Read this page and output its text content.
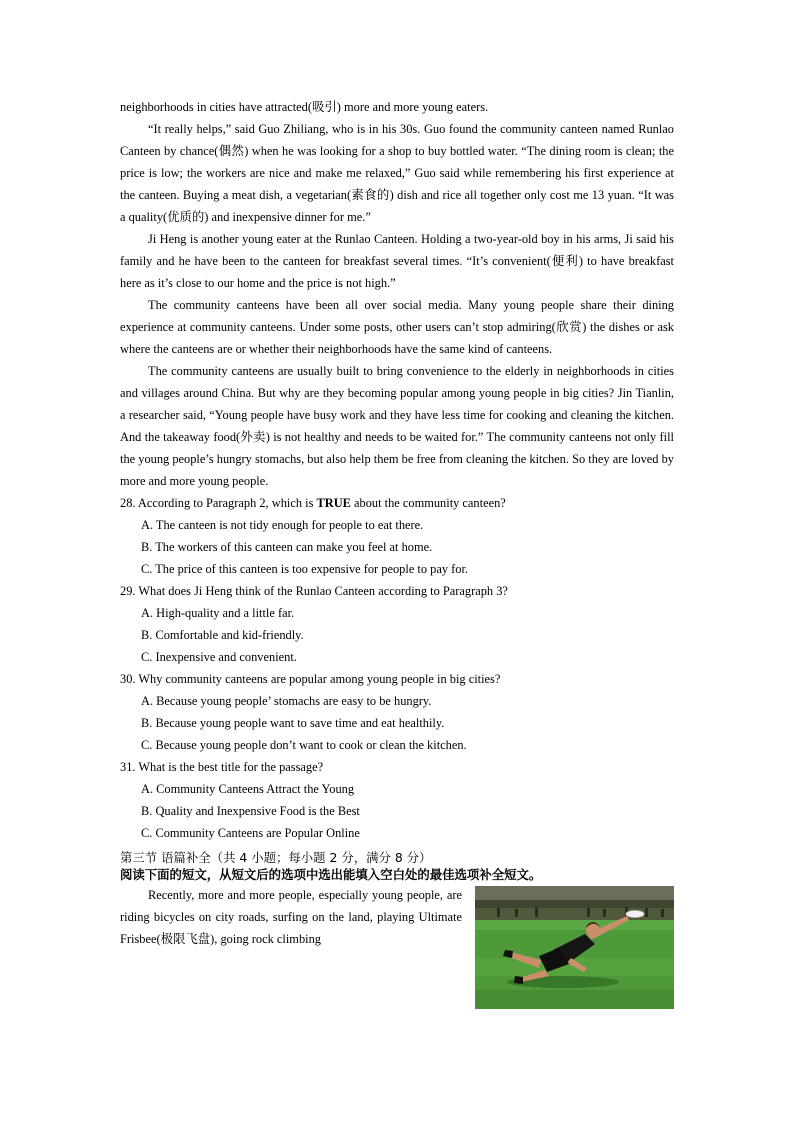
neighborhoods in cities have attracted(吸引) more and more young eaters.

“It really helps,” said Guo Zhiliang, who is in his 30s. Guo found the community canteen named Runlao Canteen by chance(偶然) when he was looking for a shop to buy bottled water. “The dining room is clean; the price is low; the workers are nice and make me relaxed,” Guo said while remembering his first experience at the canteen. Buying a meat dish, a vegetarian(素食的) dish and rice all together only cost me 13 yuan. “It was a quality(优质的) and inexpensive dinner for me.”

Ji Heng is another young eater at the Runlao Canteen. Holding a two-year-old boy in his arms, Ji said his family and he have been to the canteen for breakfast several times. “It’s convenient(便利) to have breakfast here as it’s close to our home and the price is not high.”

The community canteens have been all over social media. Many young people share their dining experience at community canteens. Under some posts, other users can’t stop admiring(欣赏) the dishes or ask where the canteens are or whether their neighborhoods have the same kind of canteens.

The community canteens are usually built to bring convenience to the elderly in neighborhoods in cities and villages around China. But why are they becoming popular among young people in big cities? Jin Tianlin, a researcher said, “Young people have busy work and they have less time for cooking and cleaning the kitchen. And the takeaway food(外卖) is not healthy and needs to be waited for.” The community canteens not only fill the young people’s hungry stomachs, but also help them be free from cleaning the kitchen. So they are loved by more and more young people.

28. According to Paragraph 2, which is TRUE about the community canteen?

A. The canteen is not tidy enough for people to eat there.

B. The workers of this canteen can make you feel at home.

C. The price of this canteen is too expensive for people to pay for.

29. What does Ji Heng think of the Runlao Canteen according to Paragraph 3?

A. High-quality and a little far.

B. Comfortable and kid-friendly.

C. Inexpensive and convenient.

30. Why community canteens are popular among young people in big cities?

A. Because young people’ stomachs are easy to be hungry.

B. Because young people want to save time and eat healthily.

C. Because young people don’t want to cook or clean the kitchen.

31. What is the best title for the passage?

A. Community Canteens Attract the Young

B. Quality and Inexpensive Food is the Best

C. Community Canteens are Popular Online

第三节 语篇补全（共 4 小题；每小题 2 分，满分 8 分）

阅读下面的短文，从短文后的选项中选出能填入空白处的最佳选项补全短文。

Recently, more and more people, especially young people, are riding bicycles on city roads, surfing on the land, playing Ultimate Frisbee(极限飞盘), going rock climbing
